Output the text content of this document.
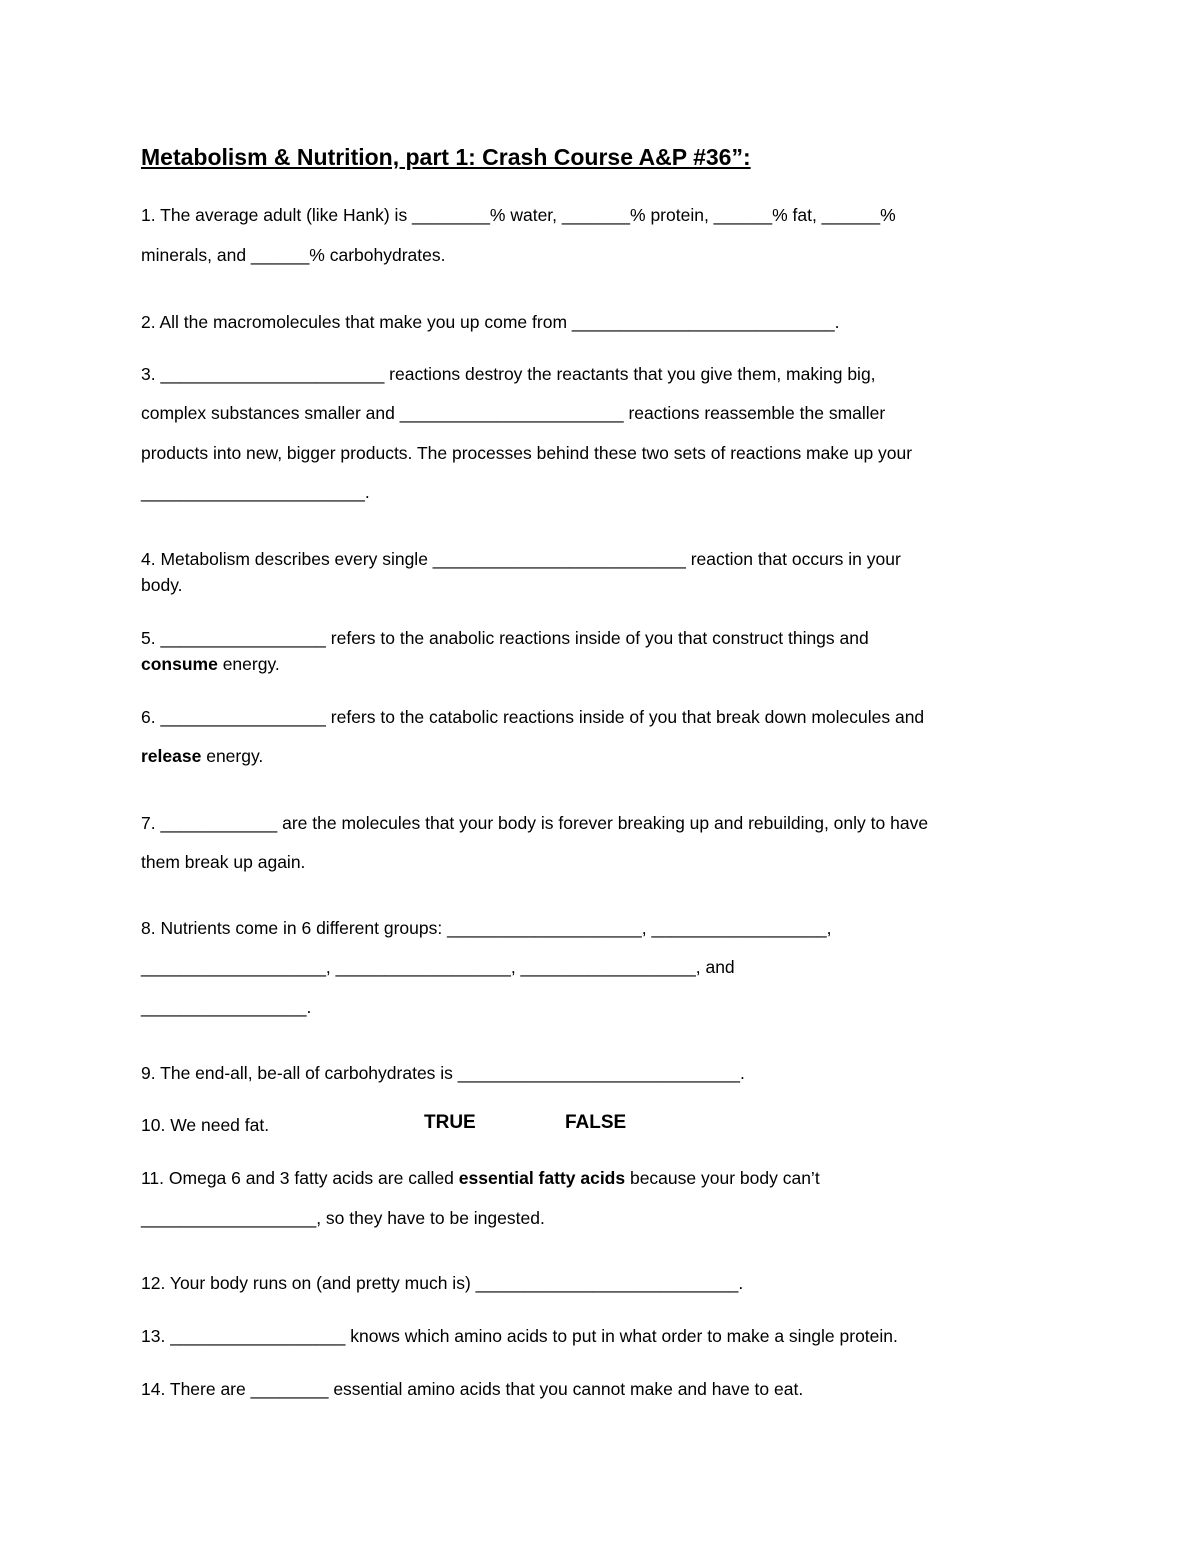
Metabolism & Nutrition, part 1: Crash Course A&P #36”:
1. The average adult (like Hank) is ________% water, _______% protein, ______% fat, ______%
minerals, and ______% carbohydrates.
2. All the macromolecules that make you up come from ___________________________.
3. _______________________ reactions destroy the reactants that you give them, making big,
complex substances smaller and _______________________ reactions reassemble the smaller
products into new, bigger products. The processes behind these two sets of reactions make up your
_______________________.
4. Metabolism describes every single __________________________ reaction that occurs in your
body.
5. _________________ refers to the anabolic reactions inside of you that construct things and
consume energy.
6. _________________ refers to the catabolic reactions inside of you that break down molecules and
release energy.
7. ____________ are the molecules that your body is forever breaking up and rebuilding, only to have
them break up again.
8. Nutrients come in 6 different groups: ____________________, __________________,
___________________, __________________, __________________, and
_________________.
9. The end-all, be-all of carbohydrates is _____________________________.
10. We need fat.	TRUE	FALSE
11. Omega 6 and 3 fatty acids are called essential fatty acids because your body can’t
__________________, so they have to be ingested.
12. Your body runs on (and pretty much is) ___________________________.
13. __________________ knows which amino acids to put in what order to make a single protein.
14. There are ________ essential amino acids that you cannot make and have to eat.
